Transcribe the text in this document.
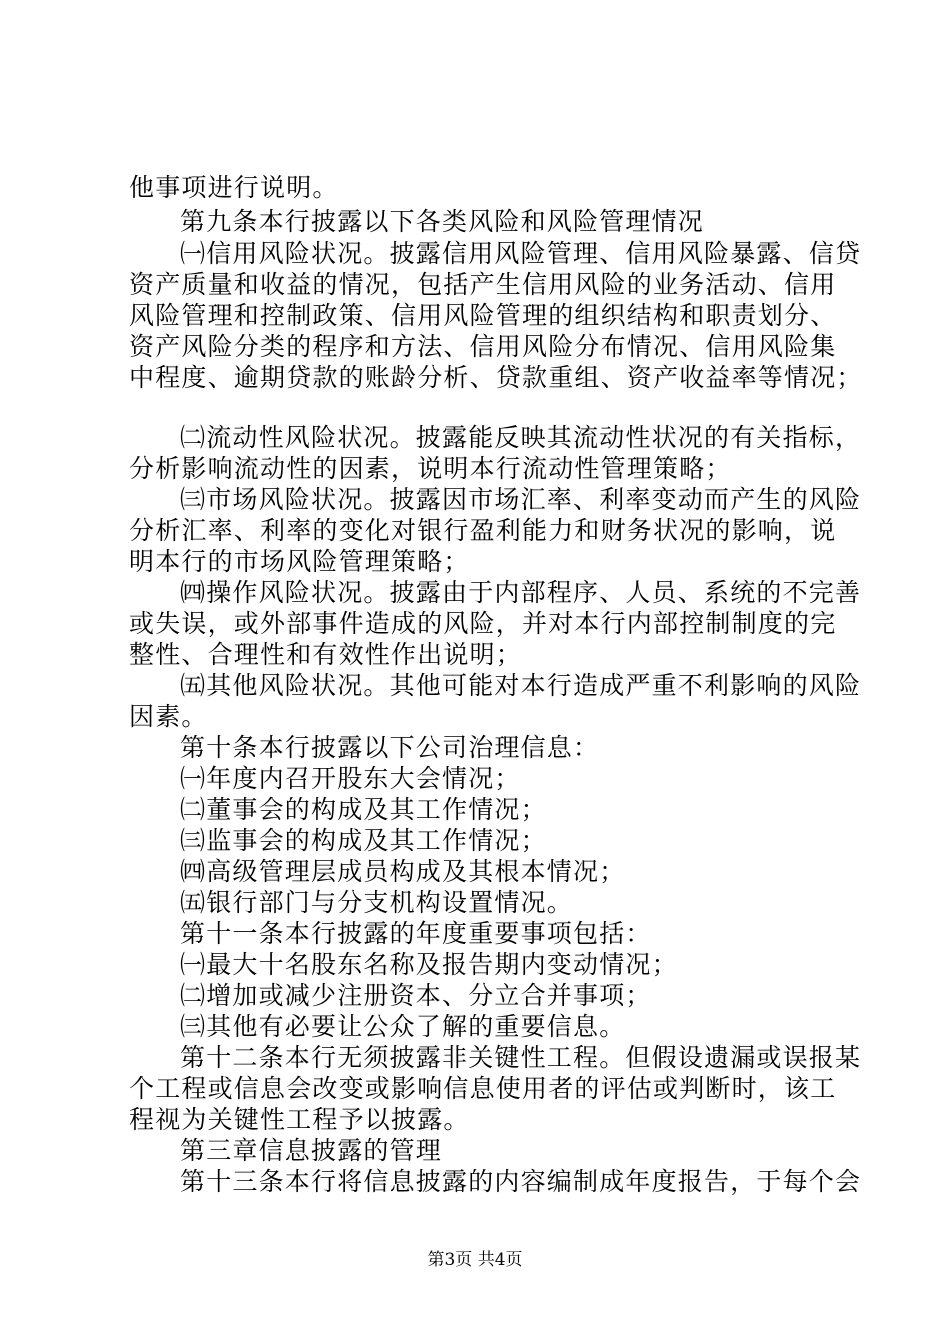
他事项进行说明。
第九条本行披露以下各类风险和风险管理情况
㈠信用风险状况。披露信用风险管理、信用风险暴露、信贷
资产质量和收益的情况，包括产生信用风险的业务活动、信用
风险管理和控制政策、信用风险管理的组织结构和职责划分、
资产风险分类的程序和方法、信用风险分布情况、信用风险集
中程度、逾期贷款的账龄分析、贷款重组、资产收益率等情况；
㈡流动性风险状况。披露能反映其流动性状况的有关指标，
分析影响流动性的因素，说明本行流动性管理策略；
㈢市场风险状况。披露因市场汇率、利率变动而产生的风险
分析汇率、利率的变化对银行盈利能力和财务状况的影响，说
明本行的市场风险管理策略；
㈣操作风险状况。披露由于内部程序、人员、系统的不完善
或失误，或外部事件造成的风险，并对本行内部控制制度的完
整性、合理性和有效性作出说明；
㈤其他风险状况。其他可能对本行造成严重不利影响的风险
因素。
第十条本行披露以下公司治理信息：
㈠年度内召开股东大会情况；
㈡董事会的构成及其工作情况；
㈢监事会的构成及其工作情况；
㈣高级管理层成员构成及其根本情况；
㈤银行部门与分支机构设置情况。
第十一条本行披露的年度重要事项包括：
㈠最大十名股东名称及报告期内变动情况；
㈡增加或减少注册资本、分立合并事项；
㈢其他有必要让公众了解的重要信息。
第十二条本行无须披露非关键性工程。但假设遗漏或误报某
个工程或信息会改变或影响信息使用者的评估或判断时，该工
程视为关键性工程予以披露。
第三章信息披露的管理
第十三条本行将信息披露的内容编制成年度报告，于每个会
第3页 共4页
